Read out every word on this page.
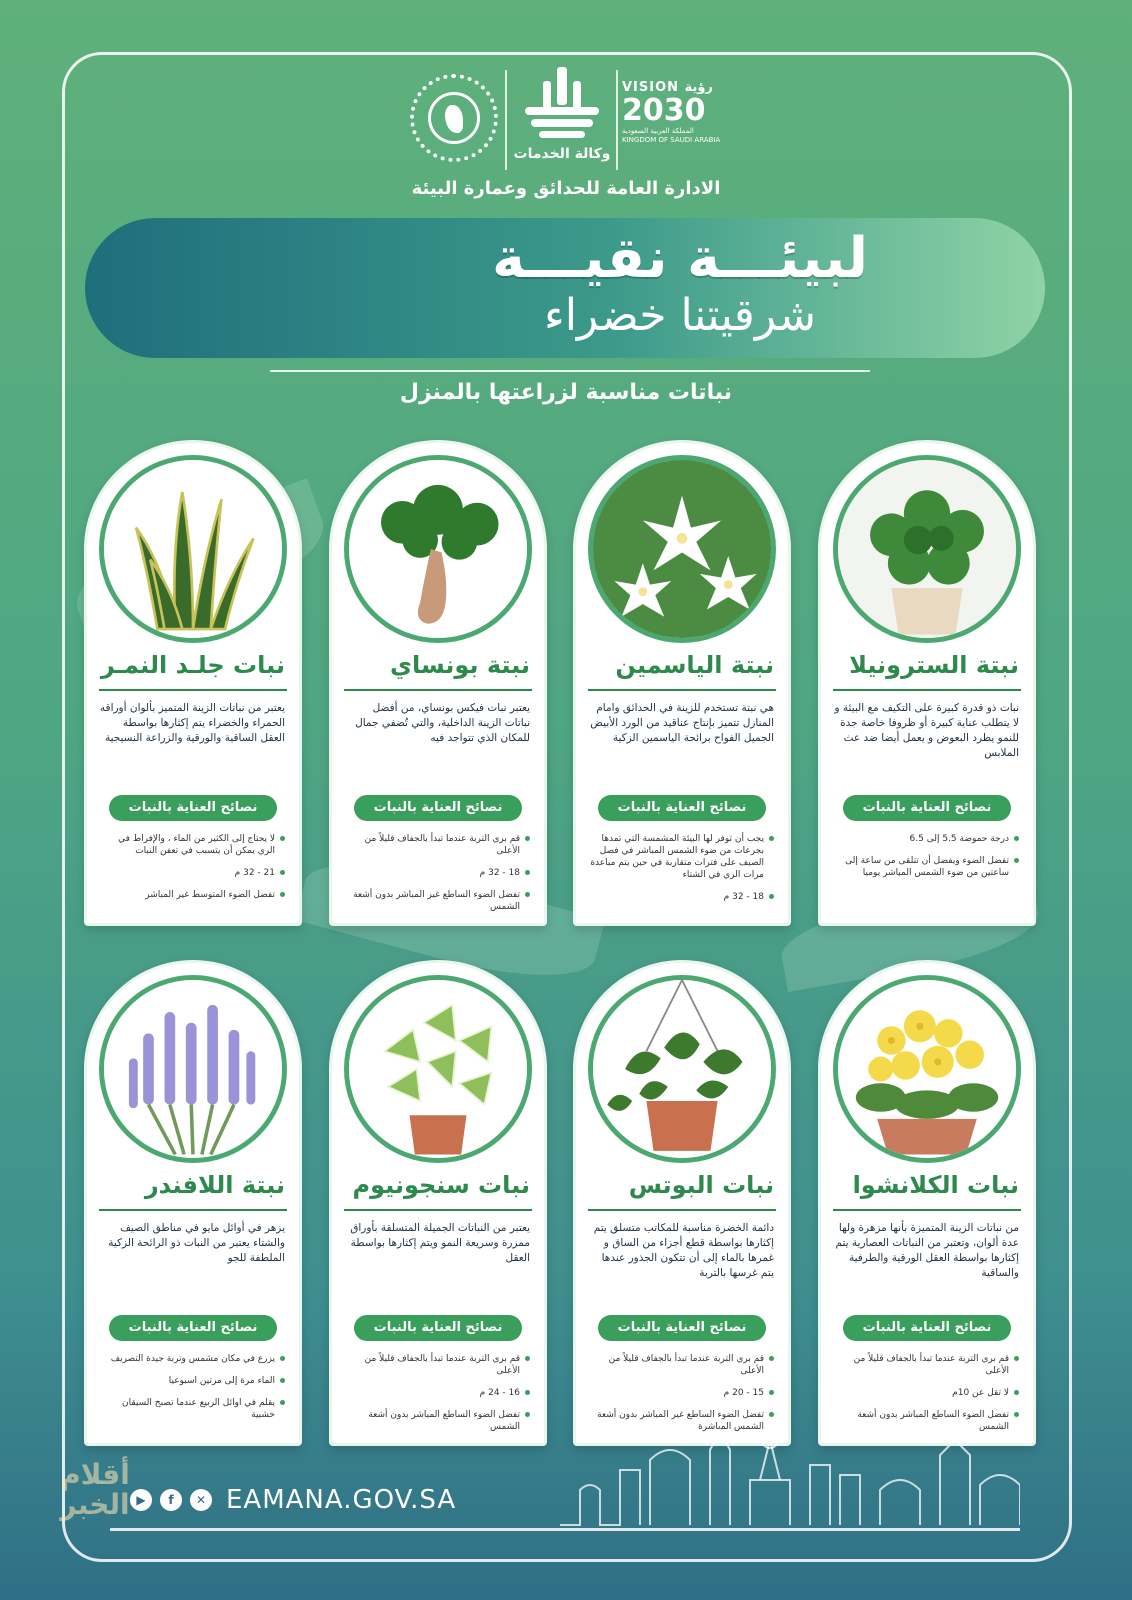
وكالة الخدمات
VISION رؤية
2030
المملكة العربية السعودية KINGDOM OF SAUDI ARABIA
الادارة العامة للحدائق وعمارة البيئة
لبيئـــة نقيـــة
شرقيتنا خضراء
نباتات مناسبة لزراعتها بالمنزل
نبتة السترونيلا
نبات ذو قدرة كبيرة على التكيف مع البيئة و لا يتطلب عناية كبيرة أو ظروفا خاصة جدة للنمو يطرد البعوض و يعمل أيضا ضد عث الملابس
نصائح العناية بالنبات
درجة حموضة 5.5 إلى 6.5
تفضل الضوء ويفضل أن تتلقى من ساعة إلى ساعتين من ضوء الشمس المباشر يوميا
نبتة الياسمين
هي نبتة تستخدم للزينة في الحدائق وامام المنازل تتميز بإنتاج عناقيد من الورد الأبيض الجميل الفواح برائحة الياسمين الزكية
نصائح العناية بالنبات
يجب أن توفر لها البيئة المشمسة التي تمدها بجرعات من ضوء الشمس المباشر في فصل الصيف على فترات متقاربة في حين يتم مباعدة مرات الري في الشتاء
18 - 32 م
نبتة بونساي
يعتبر نبات فيكس بونساي، من أفضل نباتات الزينة الداخلية، والتي تُضفي جمال للمكان الذي تتواجد فيه
نصائح العناية بالنبات
قم بري التربة عندما تبدأ بالجفاف قليلاً من الأعلى
18 - 32 م
تفضل الضوء الساطع غير المباشر بدون أشعة الشمس
نبات جلـد النمـر
يعتبر من نباتات الزينة المتميز بألوان أوراقه الحمراء والخضراء يتم إكثارها بواسطة العقل الساقية والورقية والزراعة النسيجية
نصائح العناية بالنبات
لا يحتاج إلى الكثير من الماء ، والإفراط في الري يمكن أن يتسبب في تعفن النبات
21 - 32 م
تفضل الضوء المتوسط غير المباشر
نبات الكلانشوا
من نباتات الزينة المتميزة بأنها مزهرة ولها عدة ألوان، وتعتبر من النباتات العصارية يتم إكثارها بواسطة العقل الورقية والطرفية والساقية
نصائح العناية بالنبات
قم بري التربة عندما تبدأ بالجفاف قليلاً من الأعلى
لا تقل عن 10م
تفضل الضوء الساطع المباشر بدون أشعة الشمس
نبات البوتس
دائمة الخضرة مناسبة للمكاتب متسلق يتم إكثارها بواسطة قطع أجزاء من الساق و غمرها بالماء إلى أن تتكون الجذور عندها يتم غرسها بالتربة
نصائح العناية بالنبات
قم بري التربة عندما تبدأ بالجفاف قليلاً من الأعلى
15 - 20 م
تفضل الضوء الساطع غير المباشر بدون أشعة الشمس المباشرة
نبات سنجونيوم
يعتبر من النباتات الجميلة المتسلقة بأوراق ممزرة وسريعة النمو ويتم إكثارها بواسطة العقل
نصائح العناية بالنبات
قم بري التربة عندما تبدأ بالجفاف قليلاً من الأعلى
16 - 24 م
تفضل الضوء الساطع المباشر بدون أشعة الشمس
نبتة اللافندر
يزهر في أوائل مايو في مناطق الصيف والشتاء يعتبر من النبات ذو الرائحة الزكية الملطفة للجو
نصائح العناية بالنبات
يزرع في مكان مشمس وتربة جيدة التصريف
الماء مرة إلى مرتين اسبوعيا
يقلم في اوائل الربيع عندما تصبح السيقان خشبية
▶	f	✕ EAMANA.GOV.SA
أقلام الخبر
